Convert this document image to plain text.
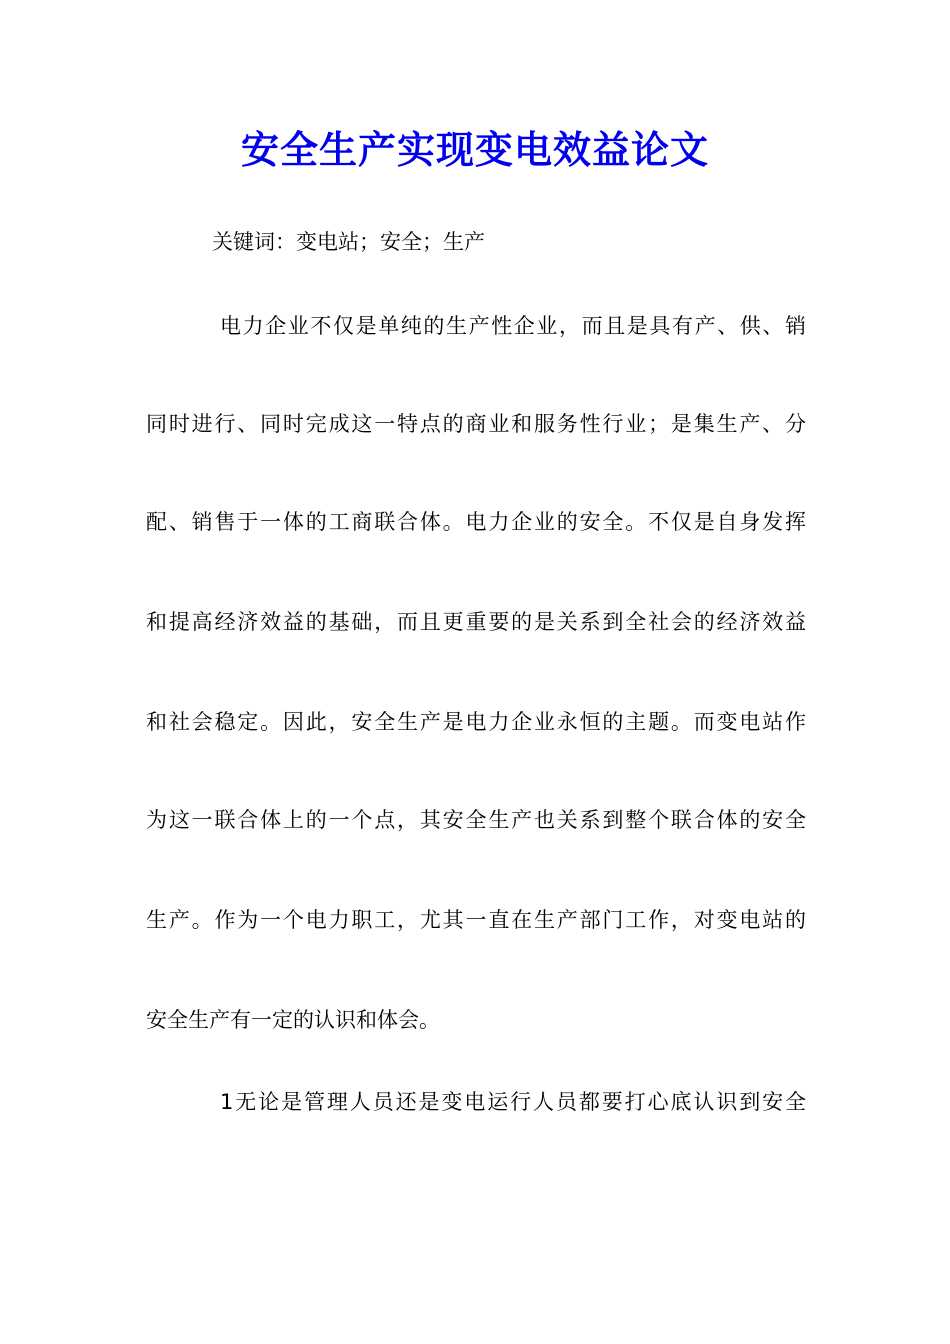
安全生产实现变电效益论文
关键词：变电站；安全；生产
电力企业不仅是单纯的生产性企业，而且是具有产、供、销
同时进行、同时完成这一特点的商业和服务性行业；是集生产、分
配、销售于一体的工商联合体。电力企业的安全。不仅是自身发挥
和提高经济效益的基础，而且更重要的是关系到全社会的经济效益
和社会稳定。因此，安全生产是电力企业永恒的主题。而变电站作
为这一联合体上的一个点，其安全生产也关系到整个联合体的安全
生产。作为一个电力职工，尤其一直在生产部门工作，对变电站的
安全生产有一定的认识和体会。
1无论是管理人员还是变电运行人员都要打心底认识到安全
